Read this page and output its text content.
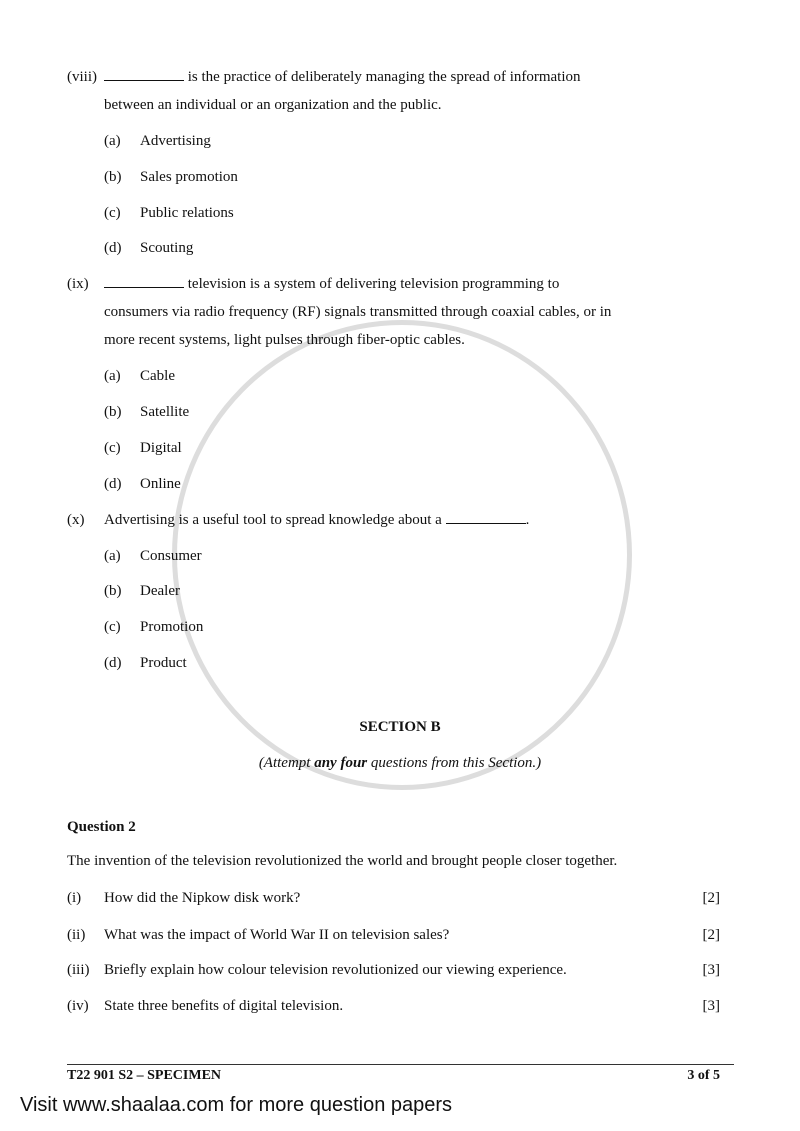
(viii)	is the practice of deliberately managing the spread of information
between an individual or an organization and the public.
(a) Advertising
(b) Sales promotion
(c) Public relations
(d) Scouting
(ix)	television is a system of delivering television programming to
consumers via radio frequency (RF) signals transmitted through coaxial cables, or in
more recent systems, light pulses through fiber-optic cables.
(a) Cable
(b) Satellite
(c) Digital
(d) Online
(x) Advertising is a useful tool to spread knowledge about a	.
(a) Consumer
(b) Dealer
(c) Promotion
(d) Product
SECTION B
(Attempt any four questions from this Section.)
Question 2
The invention of the television revolutionized the world and brought people closer together.
(i) How did the Nipkow disk work?	[2]
(ii) What was the impact of World War II on television sales?	[2]
(iii) Briefly explain how colour television revolutionized our viewing experience.	[3]
(iv) State three benefits of digital television.	[3]
T22 901 S2 – SPECIMEN	3 of 5
Visit www.shaalaa.com for more question papers
